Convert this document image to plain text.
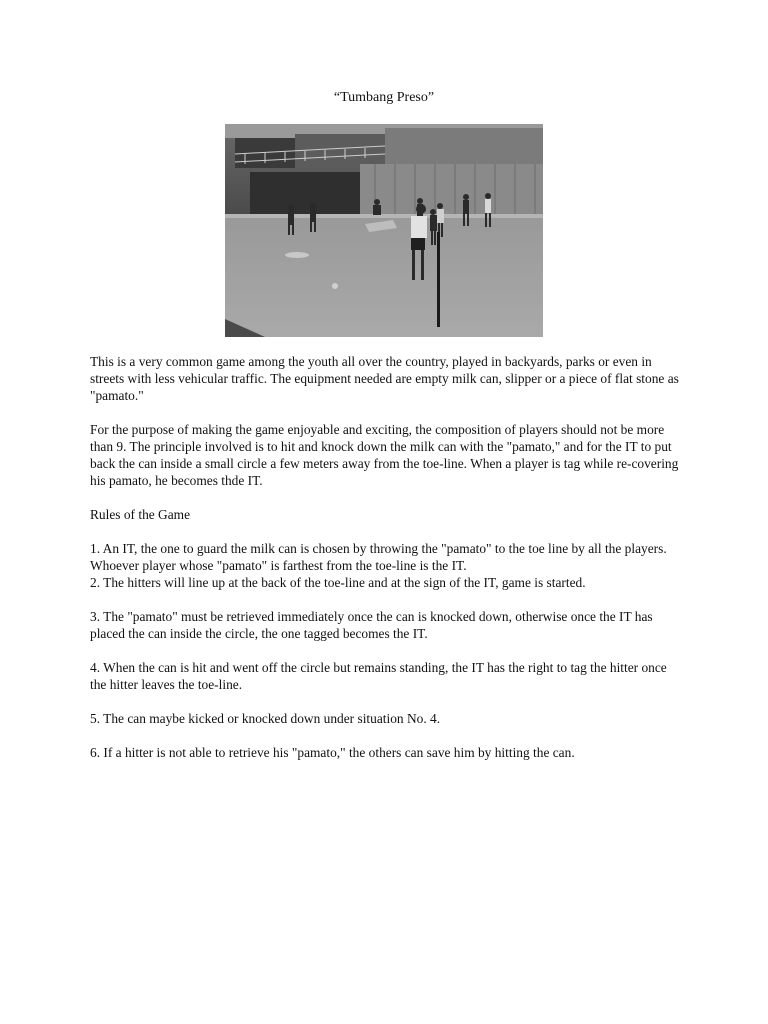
“Tumbang Preso”

This is a very common game among the youth all over the country, played in backyards, parks or even in streets with less vehicular traffic. The equipment needed are empty milk can, slipper or a piece of flat stone as "pamato."

For the purpose of making the game enjoyable and exciting, the composition of players should not be more than 9. The principle involved is to hit and knock down the milk can with the "pamato," and for the IT to put back the can inside a small circle a few meters away from the toe-line. When a player is tag while re-covering his pamato, he becomes thde IT.

Rules of the Game

1. An IT, the one to guard the milk can is chosen by throwing the "pamato" to the toe line by all the players. Whoever player whose "pamato" is farthest from the toe-line is the IT.

2. The hitters will line up at the back of the toe-line and at the sign of the IT, game is started.

3. The "pamato" must be retrieved immediately once the can is knocked down, otherwise once the IT has placed the can inside the circle, the one tagged becomes the IT.

4. When the can is hit and went off the circle but remains standing, the IT has the right to tag the hitter once the hitter leaves the toe-line.

5. The can maybe kicked or knocked down under situation No. 4.

6. If a hitter is not able to retrieve his "pamato," the others can save him by hitting the can.
